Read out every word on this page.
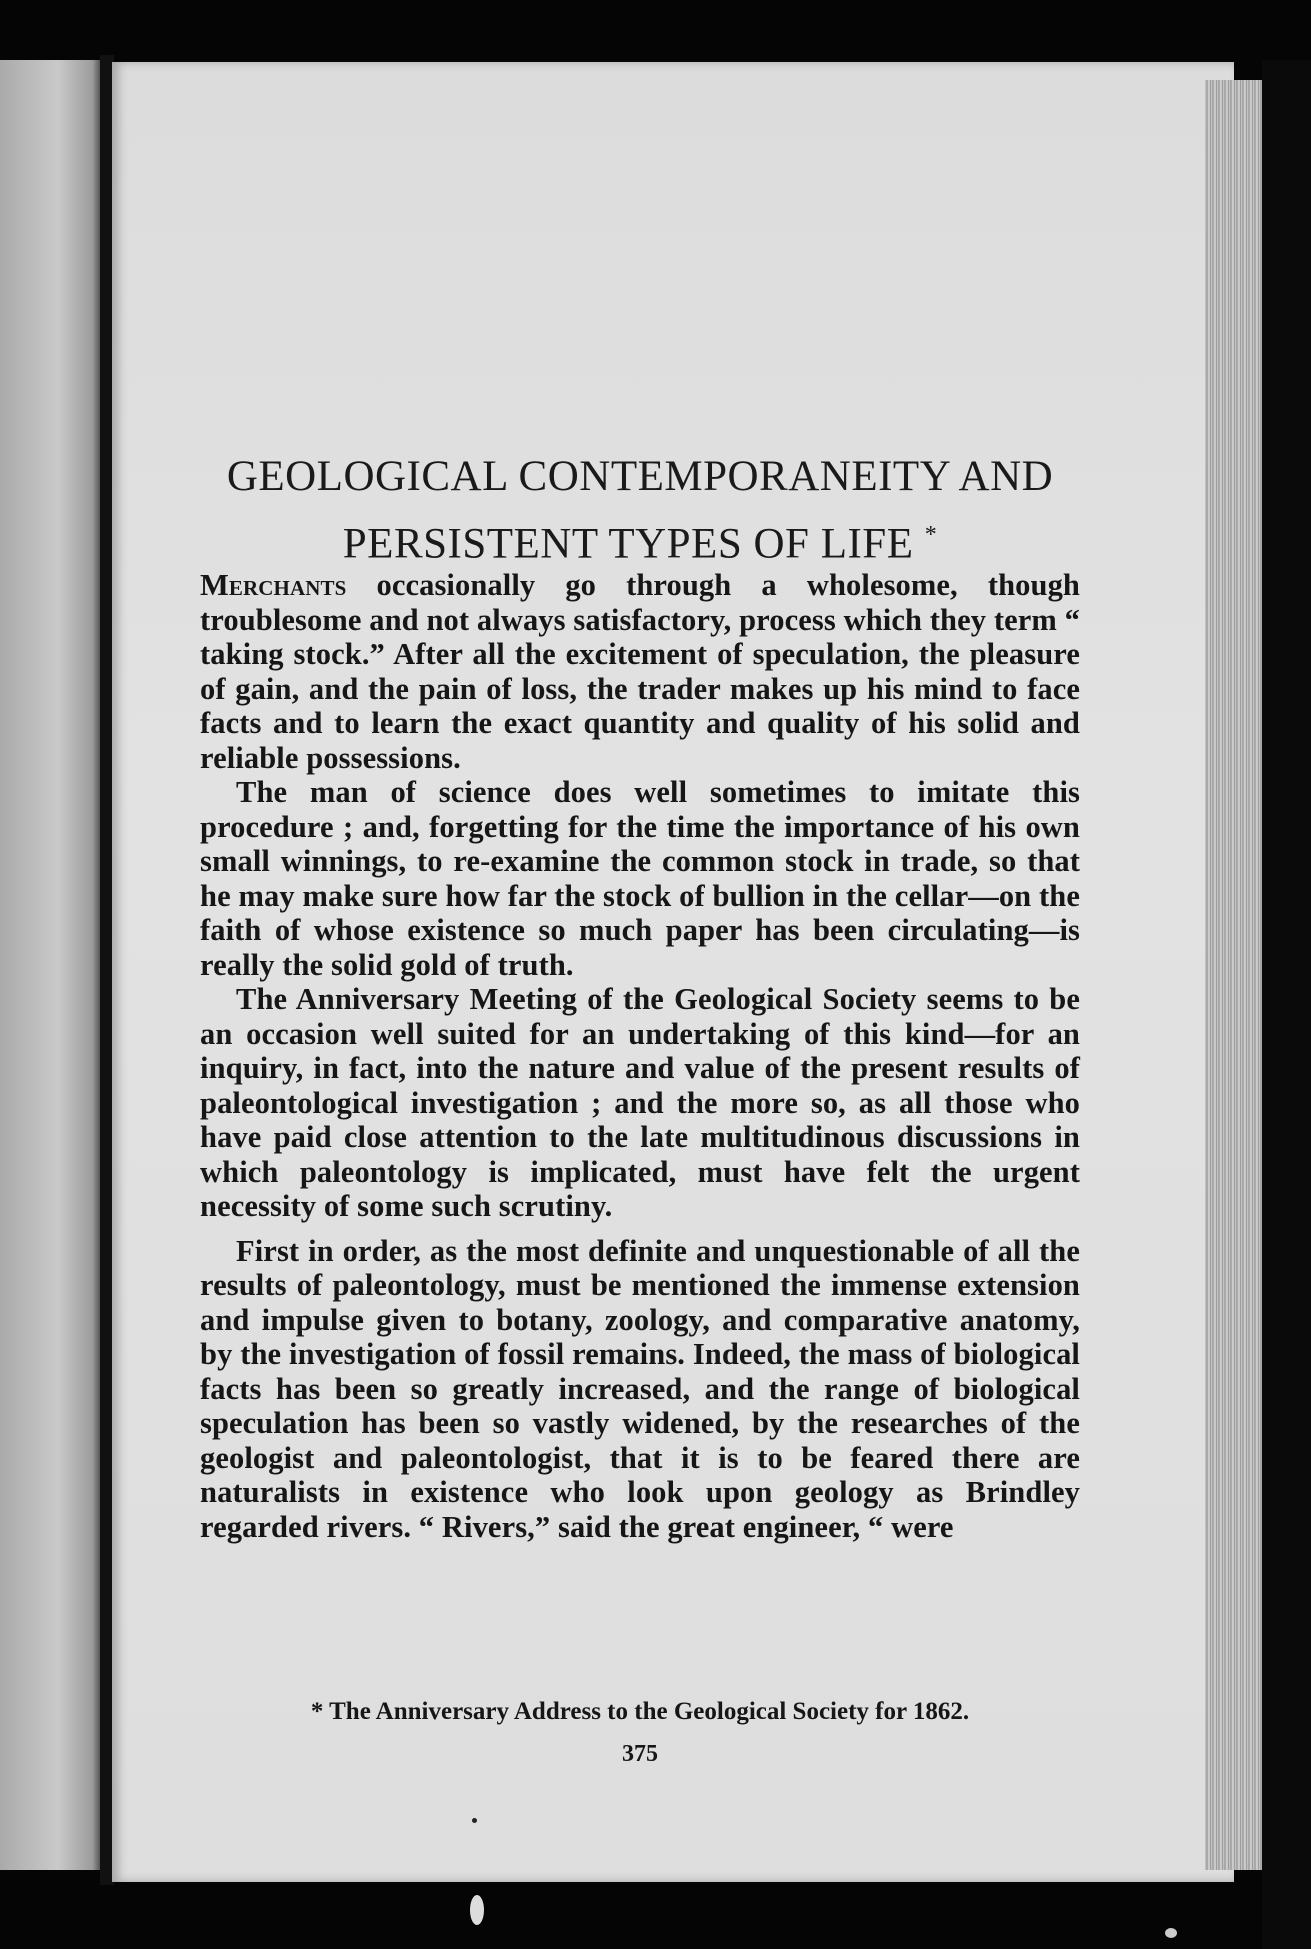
GEOLOGICAL CONTEMPORANEITY AND
PERSISTENT TYPES OF LIFE *

Merchants occasionally go through a wholesome, though troublesome and not always satisfactory, process which they term “ taking stock.” After all the excitement of speculation, the pleasure of gain, and the pain of loss, the trader makes up his mind to face facts and to learn the exact quantity and quality of his solid and reliable possessions.

The man of science does well sometimes to imitate this procedure ; and, forgetting for the time the importance of his own small winnings, to re-examine the common stock in trade, so that he may make sure how far the stock of bullion in the cellar—on the faith of whose existence so much paper has been circulating—is really the solid gold of truth.

The Anniversary Meeting of the Geological Society seems to be an occasion well suited for an undertaking of this kind—for an inquiry, in fact, into the nature and value of the present results of paleontological investigation ; and the more so, as all those who have paid close attention to the late multitudinous discussions in which paleontology is implicated, must have felt the urgent necessity of some such scrutiny.

First in order, as the most definite and unquestionable of all the results of paleontology, must be mentioned the immense extension and impulse given to botany, zoology, and comparative anatomy, by the investigation of fossil remains. Indeed, the mass of biological facts has been so greatly increased, and the range of biological speculation has been so vastly widened, by the researches of the geologist and paleontologist, that it is to be feared there are naturalists in existence who look upon geology as Brindley regarded rivers. “ Rivers,” said the great engineer, “ were

* The Anniversary Address to the Geological Society for 1862.
375
